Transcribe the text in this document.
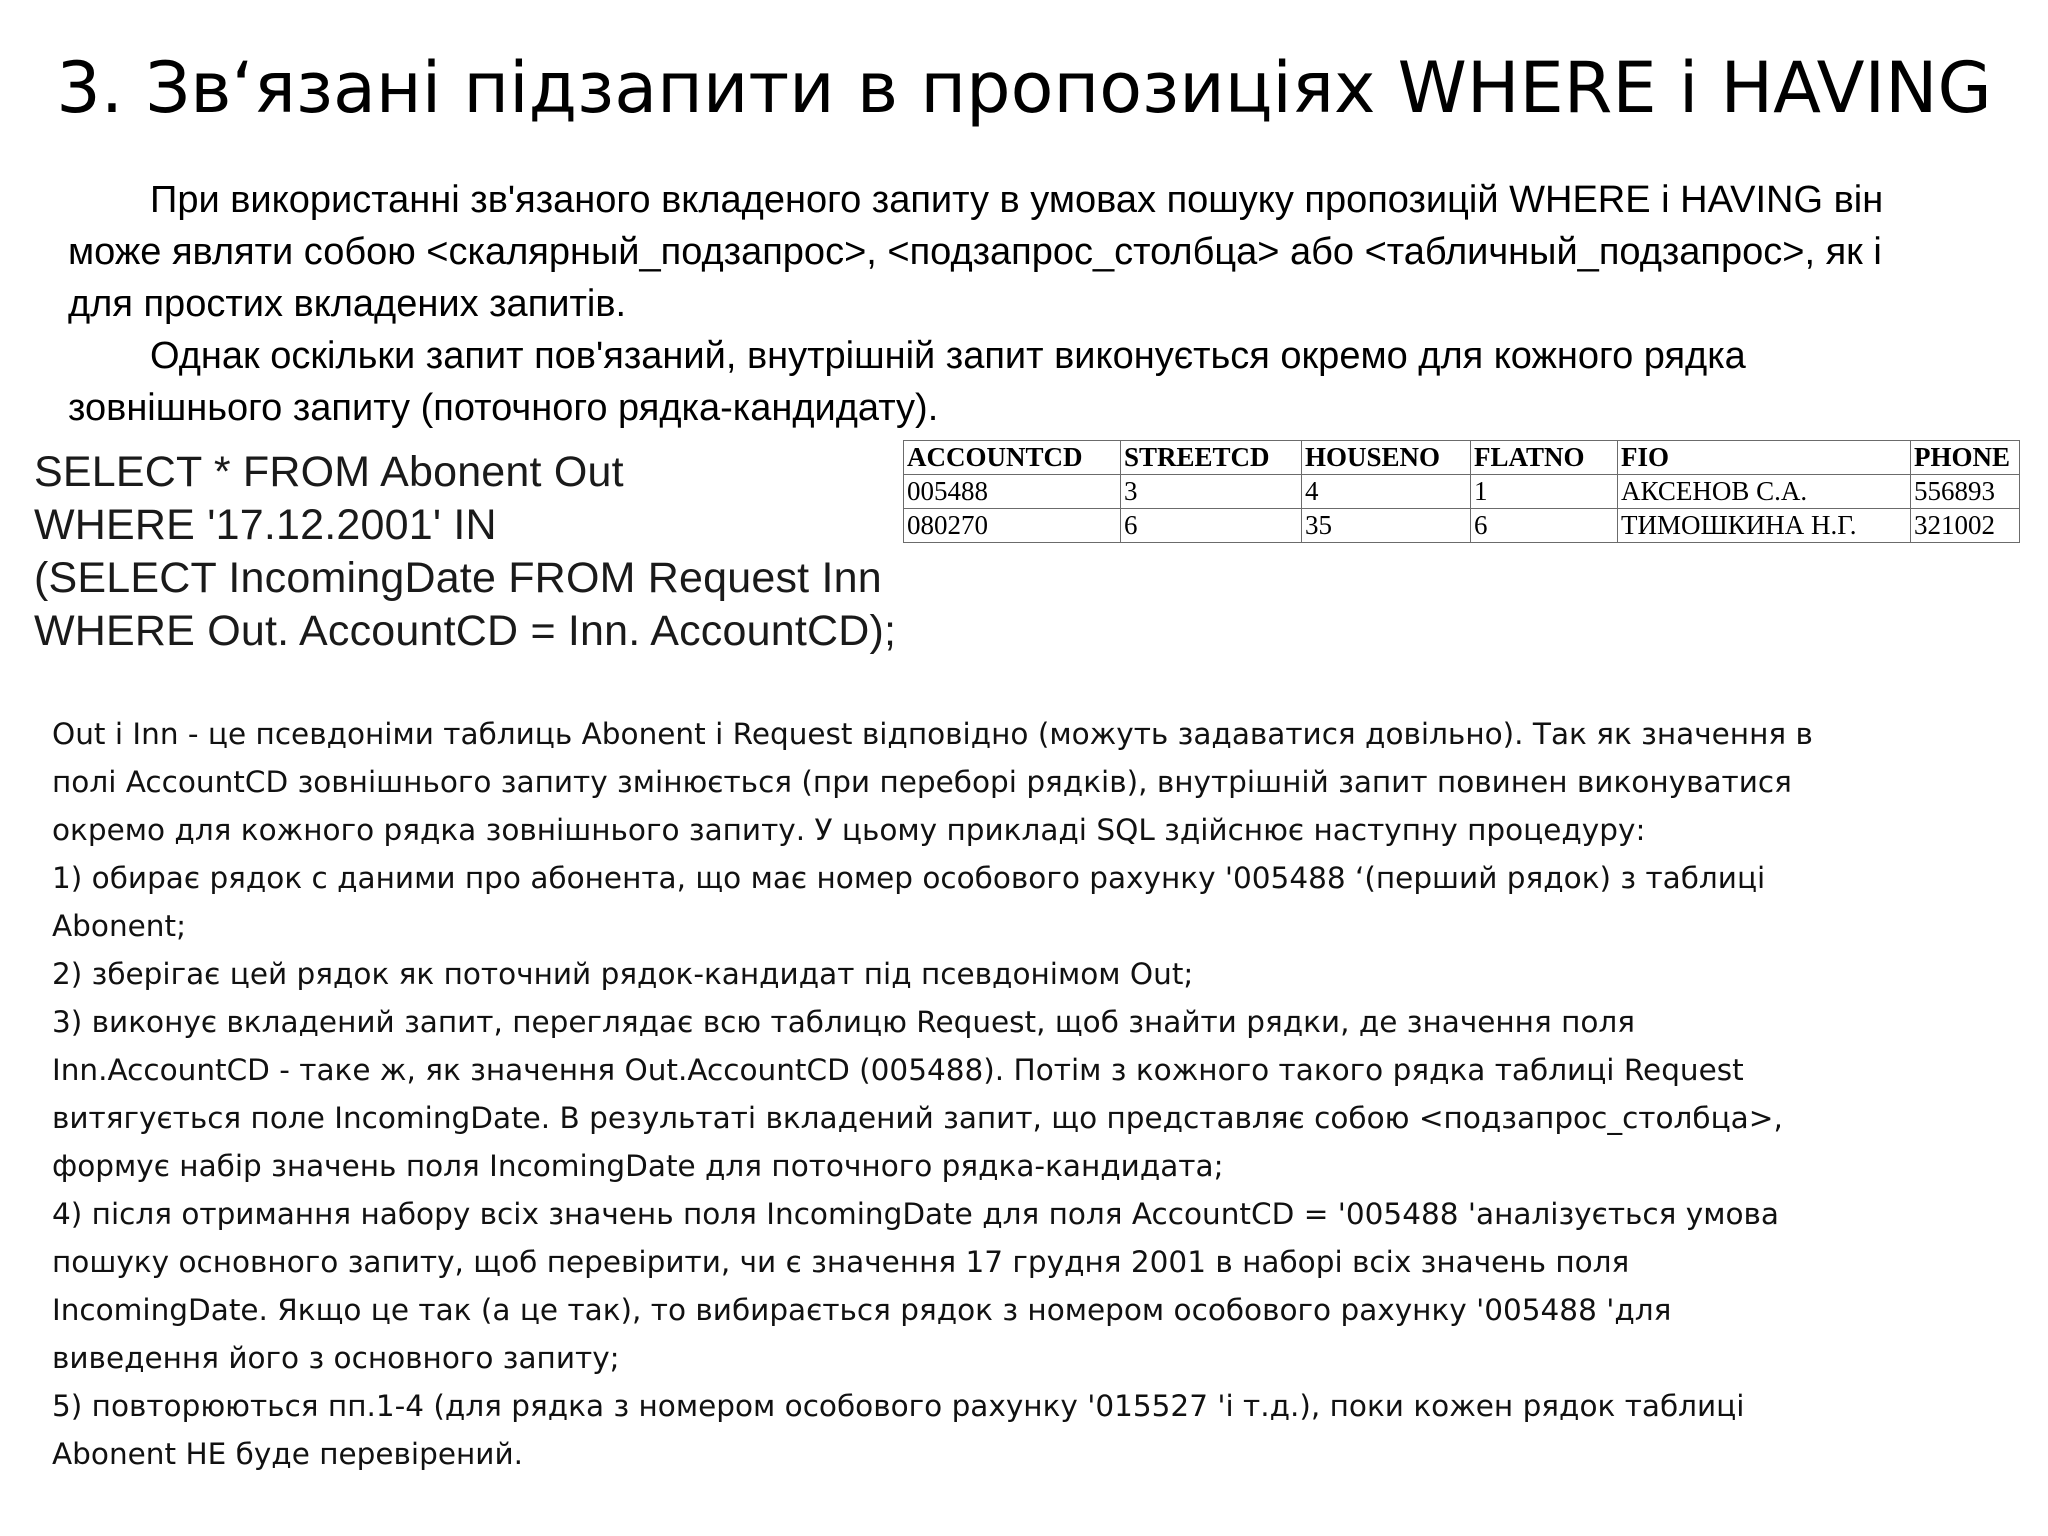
3. Зв‘язані підзапити в пропозиціях WHERE і HAVING

При використанні зв'язаного вкладеного запиту в умовах пошуку пропозицій WHERE і HAVING він може являти собою <скалярный_подзапрос>, <подзапрос_столбца> або <табличный_подзапрос>, як і для простих вкладених запитів.

Однак оскільки запит пов'язаний, внутрішній запит виконується окремо для кожного рядка зовнішнього запиту (поточного рядка-кандидату).

SELECT * FROM Abonent Out
WHERE '17.12.2001' IN
(SELECT IncomingDate FROM Request Inn
WHERE Out. AccountCD = Inn. AccountCD);
ACCOUNTCD	STREETCD	HOUSENO	FLATNO	FIO	PHONE
005488	3	4	1	АКСЕНОВ С.А.	556893
080270	6	35	6	ТИМОШКИНА Н.Г.	321002

Out і Inn - це псевдоніми таблиць Abonent і Request відповідно (можуть задаватися довільно). Так як значення в

полі AccountCD зовнішнього запиту змінюється (при переборі рядків), внутрішній запит повинен виконуватися

окремо для кожного рядка зовнішнього запиту. У цьому прикладі SQL здійснює наступну процедуру:

1) обирає рядок с даними про абонента, що має номер особового рахунку '005488 ‘(перший рядок) з таблиці

Abonent;

2) зберігає цей рядок як поточний рядок-кандидат під псевдонімом Out;

3) виконує вкладений запит, переглядає всю таблицю Request, щоб знайти рядки, де значення поля

Inn.AccountCD - таке ж, як значення Out.AccountCD (005488). Потім з кожного такого рядка таблиці Request

витягується поле IncomingDate. В результаті вкладений запит, що представляє собою <подзапрос_столбца>,

формує набір значень поля IncomingDate для поточного рядка-кандидата;

4) після отримання набору всіх значень поля IncomingDate для поля AccountCD = '005488 'аналізується умова

пошуку основного запиту, щоб перевірити, чи є значення 17 грудня 2001 в наборі всіх значень поля

IncomingDate. Якщо це так (а це так), то вибирається рядок з номером особового рахунку '005488 'для

виведення його з основного запиту;

5) повторюються пп.1-4 (для рядка з номером особового рахунку '015527 'і т.д.), поки кожен рядок таблиці

Abonent НЕ буде перевірений.
